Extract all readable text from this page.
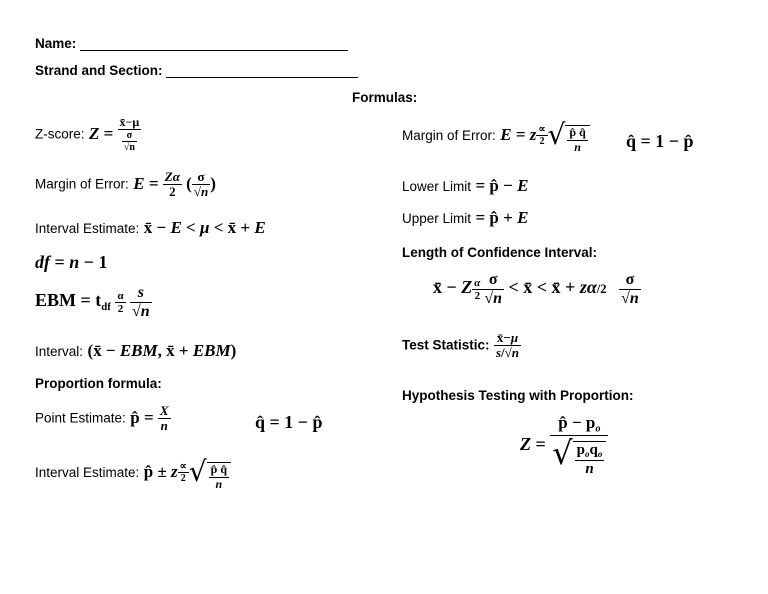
Name:
Strand and Section:
Formulas:
Z-score: $Z = \frac{x̄-\mu}{\frac{\sigma}{√n}}$
Margin of Error: $E = \frac{Z\alpha}{2}$ ( $\frac{\sigma}{√n}$ )
Interval Estimate: x̄ − E < μ < x̄ + E
df = n − 1
EBM = $t_{df} \frac{\alpha}{2}$
$\frac{s}{√n}$
Interval: (x̄ − EBM, x̄ + EBM)
Proportion formula:
Point Estimate: p̂ = $\frac{X}{n}$	q̂ = 1 − p̂
Interval Estimate: p̂ ± z $\frac{\propto}{2}$ √ $\frac{p̂ q̂}{n}$
Margin of Error: E = z $\frac{\propto}{2}$ √ $\frac{p̂ q̂}{n}$ q̂ = 1 − p̂
Lower Limit = p̂ − E
Upper Limit = p̂ + E
Length of Confidence Interval:
x̄ − Z $\frac{\alpha}{2} \frac{\sigma}{√n}$ < x̄ < x̄ + $z\alpha/2 \frac{\sigma}{√n}$
Test Statistic: $\frac{x̄-\mu}{s/√n}$
Hypothesis Testing with Proportion:
$Z = \frac{p̂ - p_o}{√ \frac{p_oq_o}{n}}$
